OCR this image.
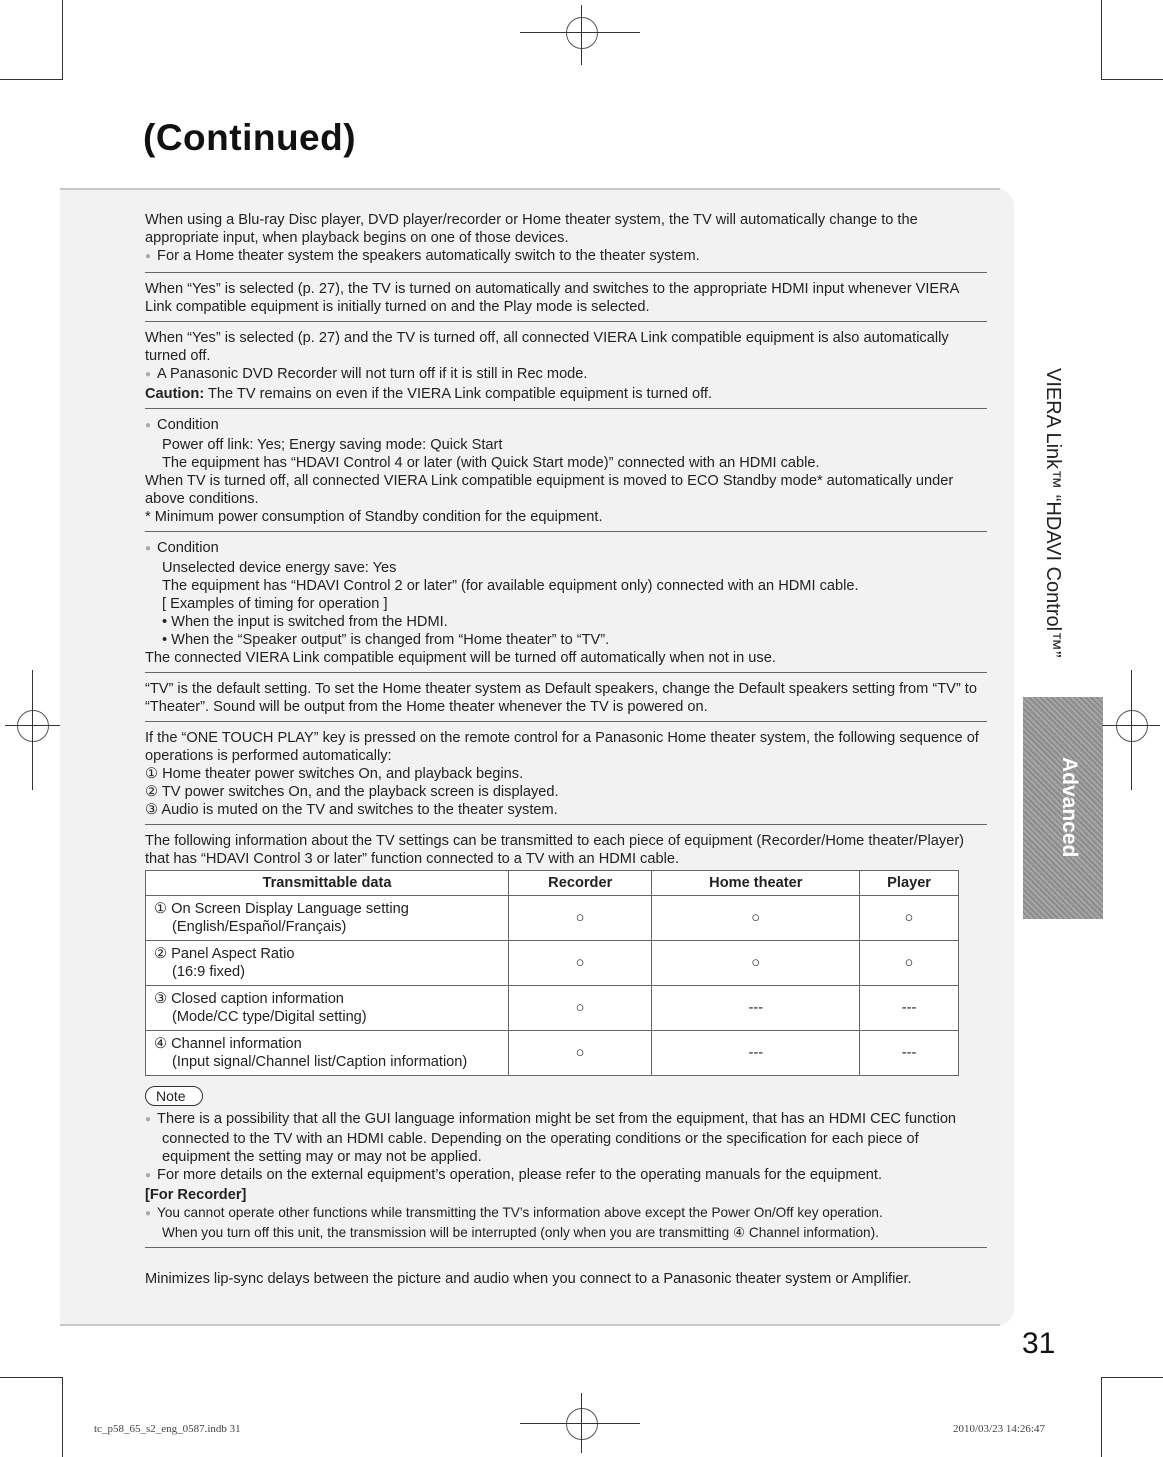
(Continued)

When using a Blu-ray Disc player, DVD player/recorder or Home theater system, the TV will automatically change to the appropriate input, when playback begins on one of those devices.

● For a Home theater system the speakers automatically switch to the theater system.

When “Yes” is selected (p. 27), the TV is turned on automatically and switches to the appropriate HDMI input whenever VIERA Link compatible equipment is initially turned on and the Play mode is selected.

When “Yes” is selected (p. 27) and the TV is turned off, all connected VIERA Link compatible equipment is also automatically turned off.

● A Panasonic DVD Recorder will not turn off if it is still in Rec mode.

Caution: The TV remains on even if the VIERA Link compatible equipment is turned off.

● Condition

Power off link: Yes; Energy saving mode: Quick Start

The equipment has “HDAVI Control 4 or later (with Quick Start mode)” connected with an HDMI cable.

When TV is turned off, all connected VIERA Link compatible equipment is moved to ECO Standby mode* automatically under above conditions.

* Minimum power consumption of Standby condition for the equipment.

● Condition

Unselected device energy save: Yes

The equipment has “HDAVI Control 2 or later” (for available equipment only) connected with an HDMI cable.

[ Examples of timing for operation ]

• When the input is switched from the HDMI.

• When the “Speaker output” is changed from “Home theater” to “TV”.

The connected VIERA Link compatible equipment will be turned off automatically when not in use.

“TV” is the default setting. To set the Home theater system as Default speakers, change the Default speakers setting from “TV” to “Theater”. Sound will be output from the Home theater whenever the TV is powered on.

If the “ONE TOUCH PLAY” key is pressed on the remote control for a Panasonic Home theater system, the following sequence of operations is performed automatically:

① Home theater power switches On, and playback begins.

② TV power switches On, and the playback screen is displayed.

③ Audio is muted on the TV and switches to the theater system.

The following information about the TV settings can be transmitted to each piece of equipment (Recorder/Home theater/Player) that has “HDAVI Control 3 or later” function connected to a TV with an HDMI cable.

Transmittable data	Recorder	Home theater	Player

① On Screen Display Language setting
(English/Español/Français)	○	○	○

② Panel Aspect Ratio
(16:9 fixed)	○	○	○

③ Closed caption information
(Mode/CC type/Digital setting)	○	---	---

④ Channel information
(Input signal/Channel list/Caption information)	○	---	---
Note

● There is a possibility that all the GUI language information might be set from the equipment, that has an HDMI CEC function connected to the TV with an HDMI cable. Depending on the operating conditions or the specification for each piece of equipment the setting may or may not be applied.

● For more details on the external equipment’s operation, please refer to the operating manuals for the equipment.

[For Recorder]

● You cannot operate other functions while transmitting the TV’s information above except the Power On/Off key operation.

When you turn off this unit, the transmission will be interrupted (only when you are transmitting ④ Channel information).

Minimizes lip-sync delays between the picture and audio when you connect to a Panasonic theater system or Amplifier.

VIERA Link™ “HDAVI Control™”
Advanced
31
tc_p58_65_s2_eng_0587.indb 31	2010/03/23 14:26:47
